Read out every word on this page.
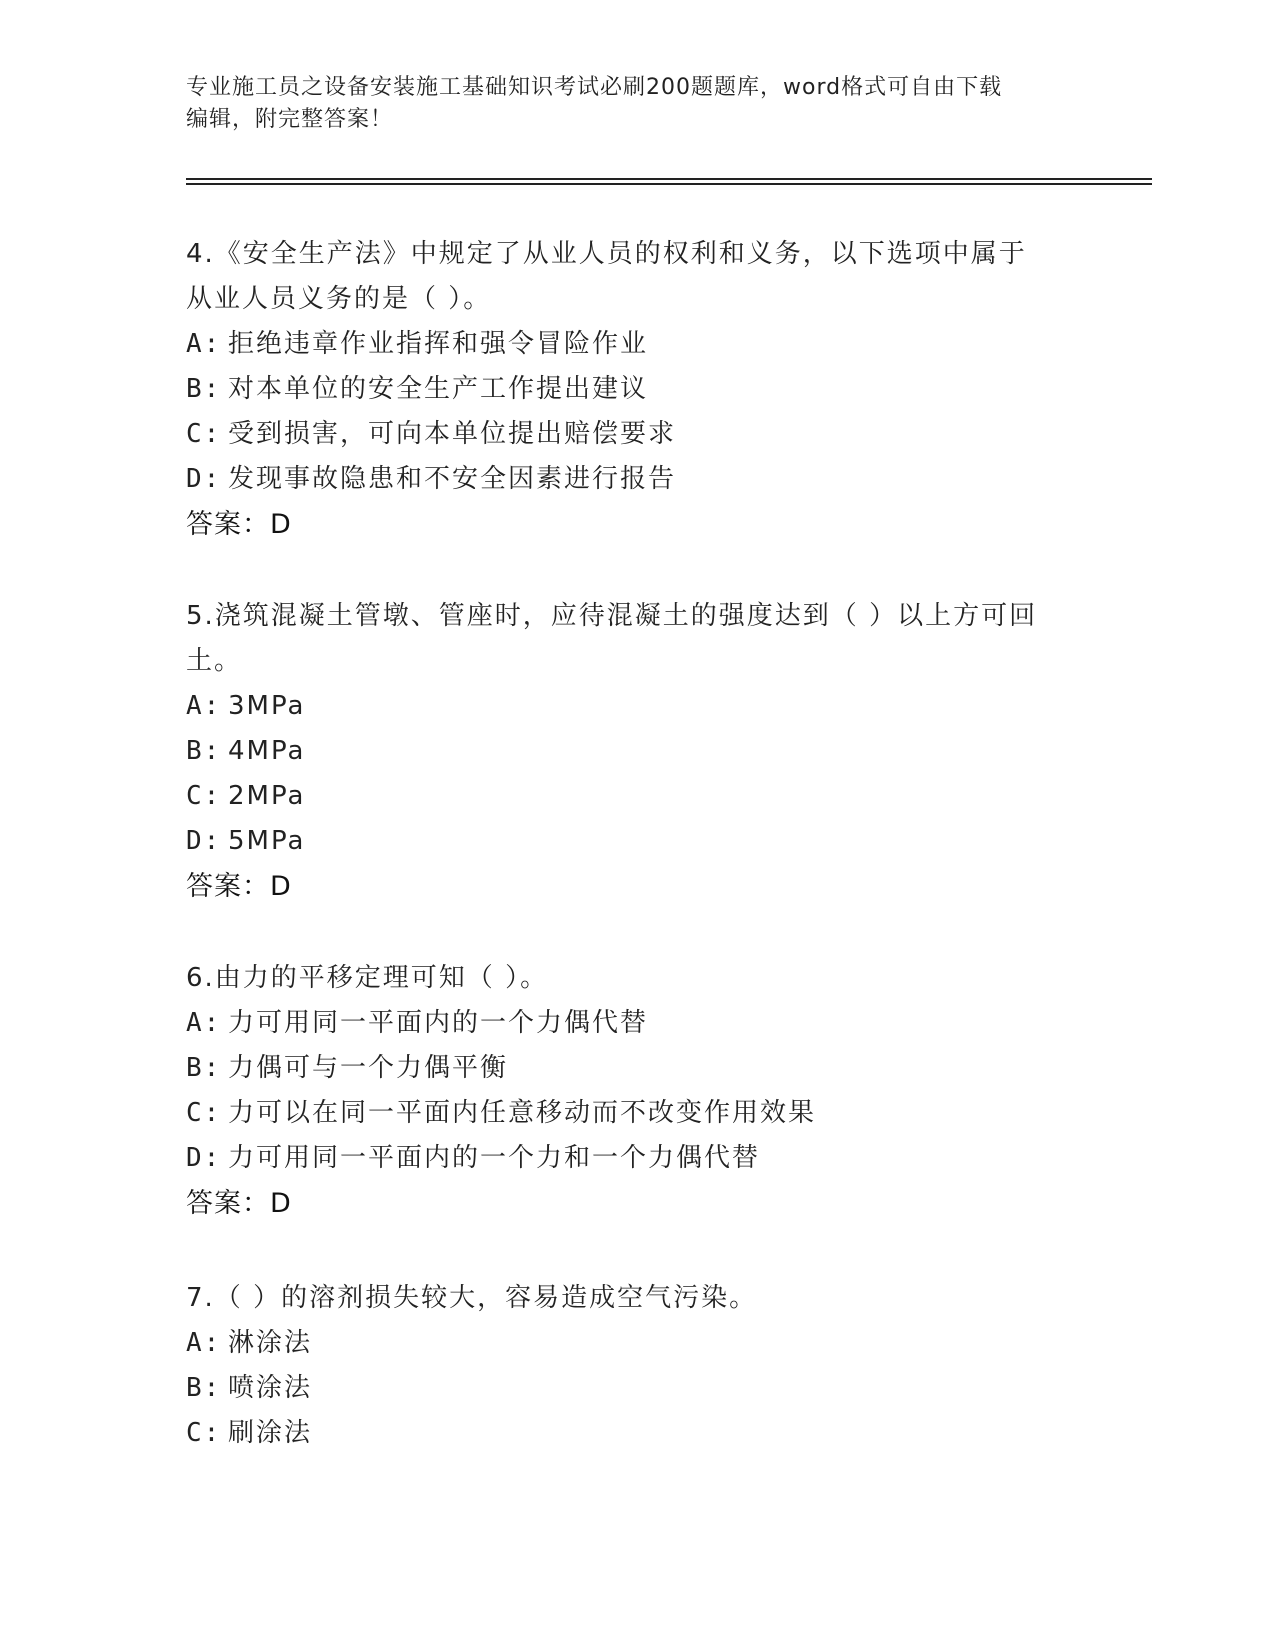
专业施工员之设备安装施工基础知识考试必刷200题题库，word格式可自由下载
编辑，附完整答案！
4.《安全生产法》中规定了从业人员的权利和义务，以下选项中属于
从业人员义务的是（ ）。
A: 拒绝违章作业指挥和强令冒险作业
B: 对本单位的安全生产工作提出建议
C: 受到损害，可向本单位提出赔偿要求
D: 发现事故隐患和不安全因素进行报告
答案：D
5.浇筑混凝土管墩、管座时，应待混凝土的强度达到（ ）以上方可回
土。
A: 3MPa
B: 4MPa
C: 2MPa
D: 5MPa
答案：D
6.由力的平移定理可知（ ）。
A: 力可用同一平面内的一个力偶代替
B: 力偶可与一个力偶平衡
C: 力可以在同一平面内任意移动而不改变作用效果
D: 力可用同一平面内的一个力和一个力偶代替
答案：D
7.（ ）的溶剂损失较大，容易造成空气污染。
A: 淋涂法
B: 喷涂法
C: 刷涂法
